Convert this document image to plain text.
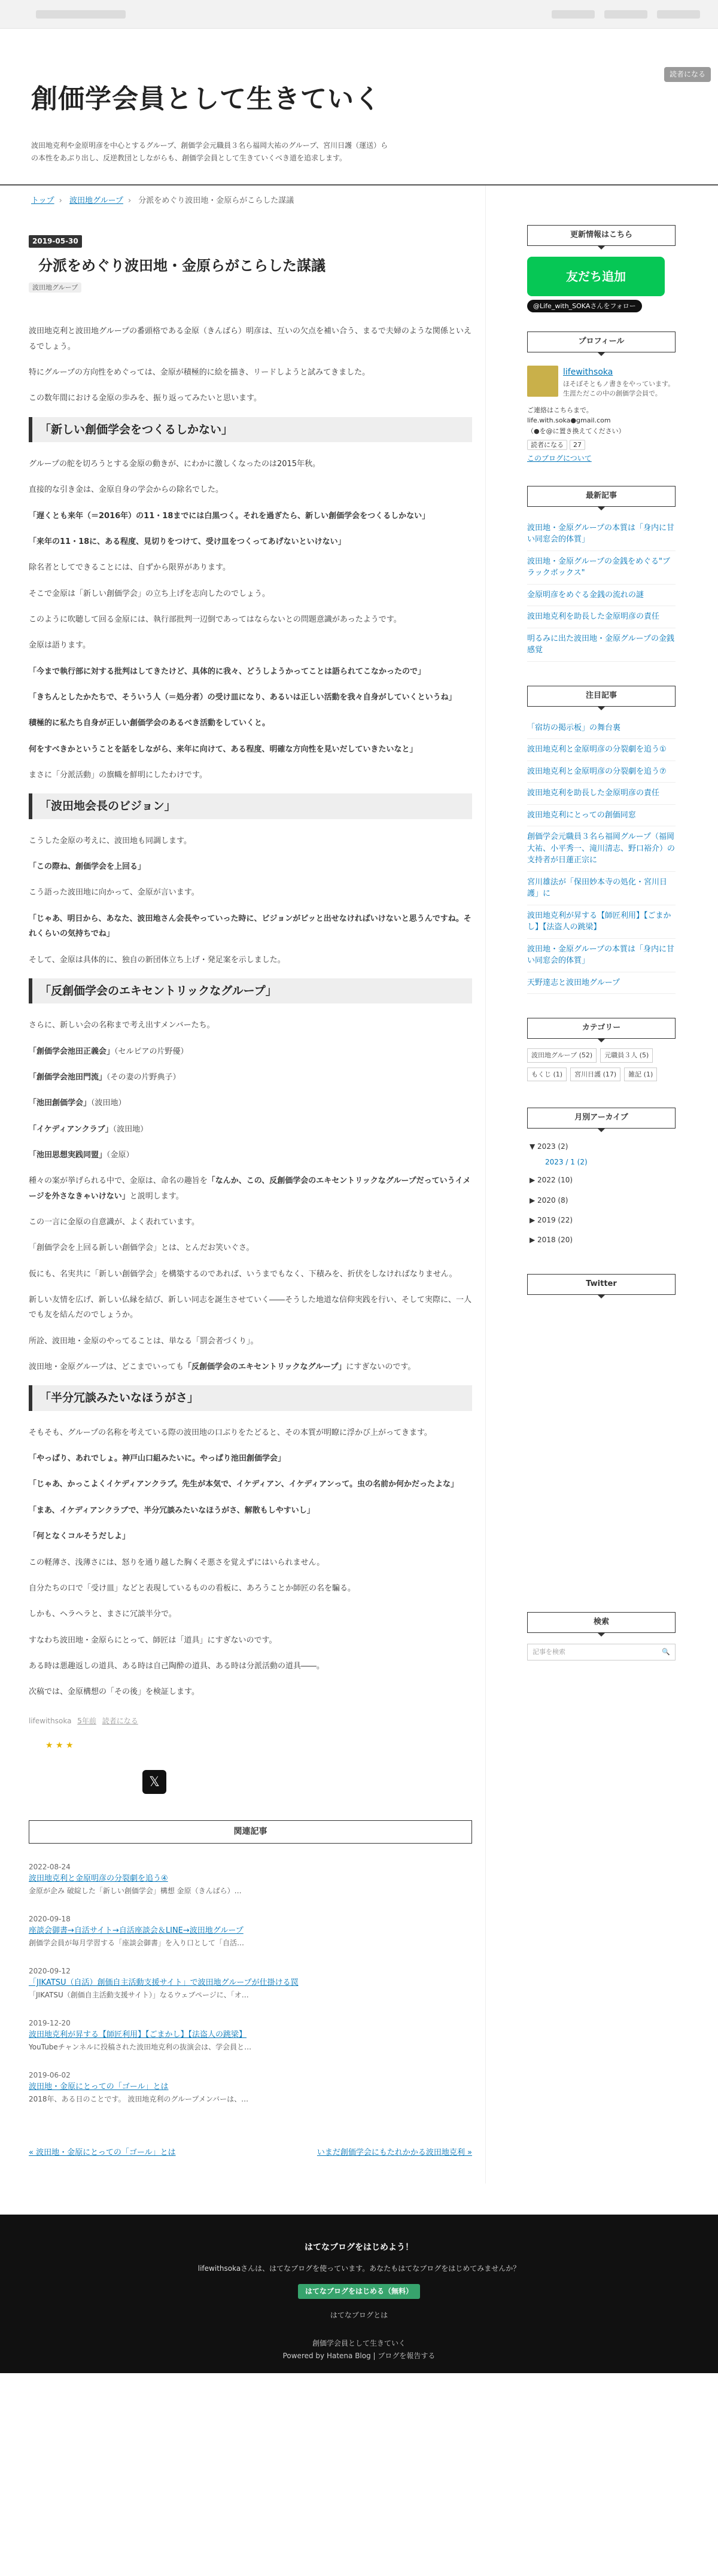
読者になる
創価学会員として生きていく
波田地克利や金原明彦を中心とするグループ、創価学会元職員３名ら福岡大祐のグループ、宮川日護（運送）らの本性をあぶり出し、反逆教団としながらも、創価学会員として生きていくべき道を追求します。
トップ › 波田地グループ › 分派をめぐり波田地・金原らがこらした謀議
2019-05-30
分派をめぐり波田地・金原らがこらした謀議
波田地グループ

波田地克利と波田地グループの番頭格である金原（きんばら）明彦は、互いの欠点を補い合う、まるで夫婦のような関係といえるでしょう。

特にグループの方向性をめぐっては、金原が積極的に絵を描き、リードしようと試みてきました。

この数年間における金原の歩みを、振り返ってみたいと思います。

「新しい創価学会をつくるしかない」

グループの舵を切ろうとする金原の動きが、にわかに激しくなったのは2015年秋。

直接的な引き金は、金原自身の学会からの除名でした。

「遅くとも来年（＝2016年）の11・18までには白黒つく。それを過ぎたら、新しい創価学会をつくるしかない」

「来年の11・18に、ある程度、見切りをつけて、受け皿をつくってあげないといけない」

除名者としてできることには、自ずから限界があります。

そこで金原は「新しい創価学会」の立ち上げを志向したのでしょう。

このように吹聴して回る金原には、執行部批判一辺倒であってはならないとの問題意識があったようです。

金原は語ります。

「今まで執行部に対する批判はしてきたけど、具体的に我々、どうしようかってことは語られてこなかったので」

「きちんとしたかたちで、そういう人（＝処分者）の受け皿になり、あるいは正しい活動を我々自身がしていくというね」

積極的に私たち自身が正しい創価学会のあるべき活動をしていくと。

何をすべきかということを話をしながら、来年に向けて、ある程度、明確な方向性を見いだしていきたいなと」

まさに「分派活動」の旗幟を鮮明にしたわけです。

「波田地会長のビジョン」

こうした金原の考えに、波田地も同調します。

「この際ね、創価学会を上回る」

こう語った波田地に向かって、金原が言います。

「じゃあ、明日から、あなた、波田地さん会長やっていった時に、ビジョンがピッと出せなければいけないと思うんですね。それくらいの気持ちでね」

そして、金原は具体的に、独自の新団体立ち上げ・発足案を示しました。

「反創価学会のエキセントリックなグループ」

さらに、新しい会の名称まで考え出すメンバーたち。

「創価学会池田正義会」（セルピアの片野優）

「創価学会池田門流」（その妻の片野典子）

「池田創価学会」（波田地）

「イケディアンクラブ」（波田地）

「池田思想実践同盟」（金原）

種々の案が挙げられる中で、金原は、命名の趣旨を「なんか、この、反創価学会のエキセントリックなグループだっていうイメージを外さなきゃいけない」と説明します。

この一言に金原の自意識が、よく表れています。

「創価学会を上回る新しい創価学会」とは、とんだお笑いぐさ。

仮にも、名実共に「新しい創価学会」を構築するのであれば、いうまでもなく、下積みを、折伏をしなければなりません。

新しい友情を広げ、新しい仏縁を結び、新しい同志を誕生させていく――そうした地道な信仰実践を行い、そして実際に、一人でも友を結んだのでしょうか。

所詮、波田地・金原のやってることは、単なる「罰会者づくり」。

波田地・金原グループは、どこまでいっても「反創価学会のエキセントリックなグループ」にすぎないのです。

「半分冗談みたいなほうがさ」

そもそも、グループの名称を考えている際の波田地の口ぶりをたどると、その本質が明瞭に浮かび上がってきます。

「やっぱり、あれでしょ。神戸山口組みたいに。やっぱり池田創価学会」

「じゃあ、かっこよくイケディアンクラブ。先生が本気で、イケディアン、イケディアンって。虫の名前か何かだったよな」

「まあ、イケディアンクラブで、半分冗談みたいなほうがさ、解散もしやすいし」

「何となくコルそうだしよ」

この軽薄さ、浅薄さには、怒りを通り越した胸くそ悪さを覚えずにはいられません。

自分たちの口で「受け皿」などと表現しているものの看板に、あろうことか師匠の名を騙る。

しかも、ヘラヘラと、まさに冗談半分で。

すなわち波田地・金原らにとって、師匠は「道具」にすぎないのです。

ある時は悪趣返しの道具、ある時は自己陶酔の道具、ある時は分派活動の道具――。

次稿では、金原構想の「その後」を検証します。

lifewithsoka 5年前 読者になる
★ ★ ★
𝕏
関連記事
2022-08-24
波田地克利と金原明彦の分裂劇を追う④
金原が企み 破綻した「新しい創価学会」構想 金原（きんばら）…
2020-09-18
座談会御書→自活サイト→自活座談会＆LINE→波田地グループ
創価学会員が毎月学習する「座談会御書」を入り口として「自活…
2020-09-12
「JIKATSU（自活）創価自主活動支援サイト」で波田地グループが仕掛ける罠
「JIKATSU（創価自主活動支援サイト）」なるウェブページに、「オ…
2019-12-20
波田地克利が昇する【師匠利用】【ごまかし】【法盗人の跳梁】
YouTubeチャンネルに投稿された波田地克利の抜演会は、学会員と…
2019-06-02
波田地・金原にとっての「ゴール」とは
2018年、ある日のことです。 波田地克利のグループメンバーは、…
« 波田地・金原にとっての「ゴール」とは	いまだ創価学会にもたれかかる波田地克利 »
更新情報はこちら
友だち追加
@Life_with_SOKAさんをフォロー
プロフィール
lifewithsoka
ほそぼそともノ書きをやっています。生涯ただこの中の創価学会員で。
ご連絡はこちらまで。
life.with.soka●gmail.com
（●を@に置き換えてください）
読者になる 27
このブログについて
最新記事
波田地・金原グループの本質は「身内に甘い同窓会的体質」
波田地・金原グループの金銭をめぐる"ブラックボックス"
金原明彦をめぐる金銭の流れの謎
波田地克利を助長した金原明彦の責任
明るみに出た波田地・金原グループの金銭感覚
注目記事
「宿坊の掲示板」の舞台裏
波田地克利と金原明彦の分裂劇を追う①
波田地克利と金原明彦の分裂劇を追う⑦
波田地克利を助長した金原明彦の責任
波田地克利にとっての創価同窓
創価学会元職員３名ら福岡グループ（福岡大祐、小平秀一、滝川清志、野口裕介）の支持者が日蓮正宗に
宮川雄法が「保田妙本寺の処化・宮川日護」に
波田地克利が昇する【師匠利用】【ごまかし】【法盗人の跳梁】
波田地・金原グループの本質は「身内に甘い同窓会的体質」
天野達志と波田地グループ
カテゴリー
波田地グループ (52)	元職員３人 (5)
もくじ (1)	宮川日護 (17)	雑記 (1)
月別アーカイブ
▼ 2023 (2)
2023 / 1 (2)
▶ 2022 (10)
▶ 2020 (8)
▶ 2019 (22)
▶ 2018 (20)
Twitter
検索
記事を検索	🔍
はてなブログをはじめよう！
lifewithsokaさんは、はてなブログを使っています。あなたもはてなブログをはじめてみませんか？
はてなブログをはじめる（無料）
はてなブログとは
創価学会員として生きていく
Powered by Hatena Blog | ブログを報告する
